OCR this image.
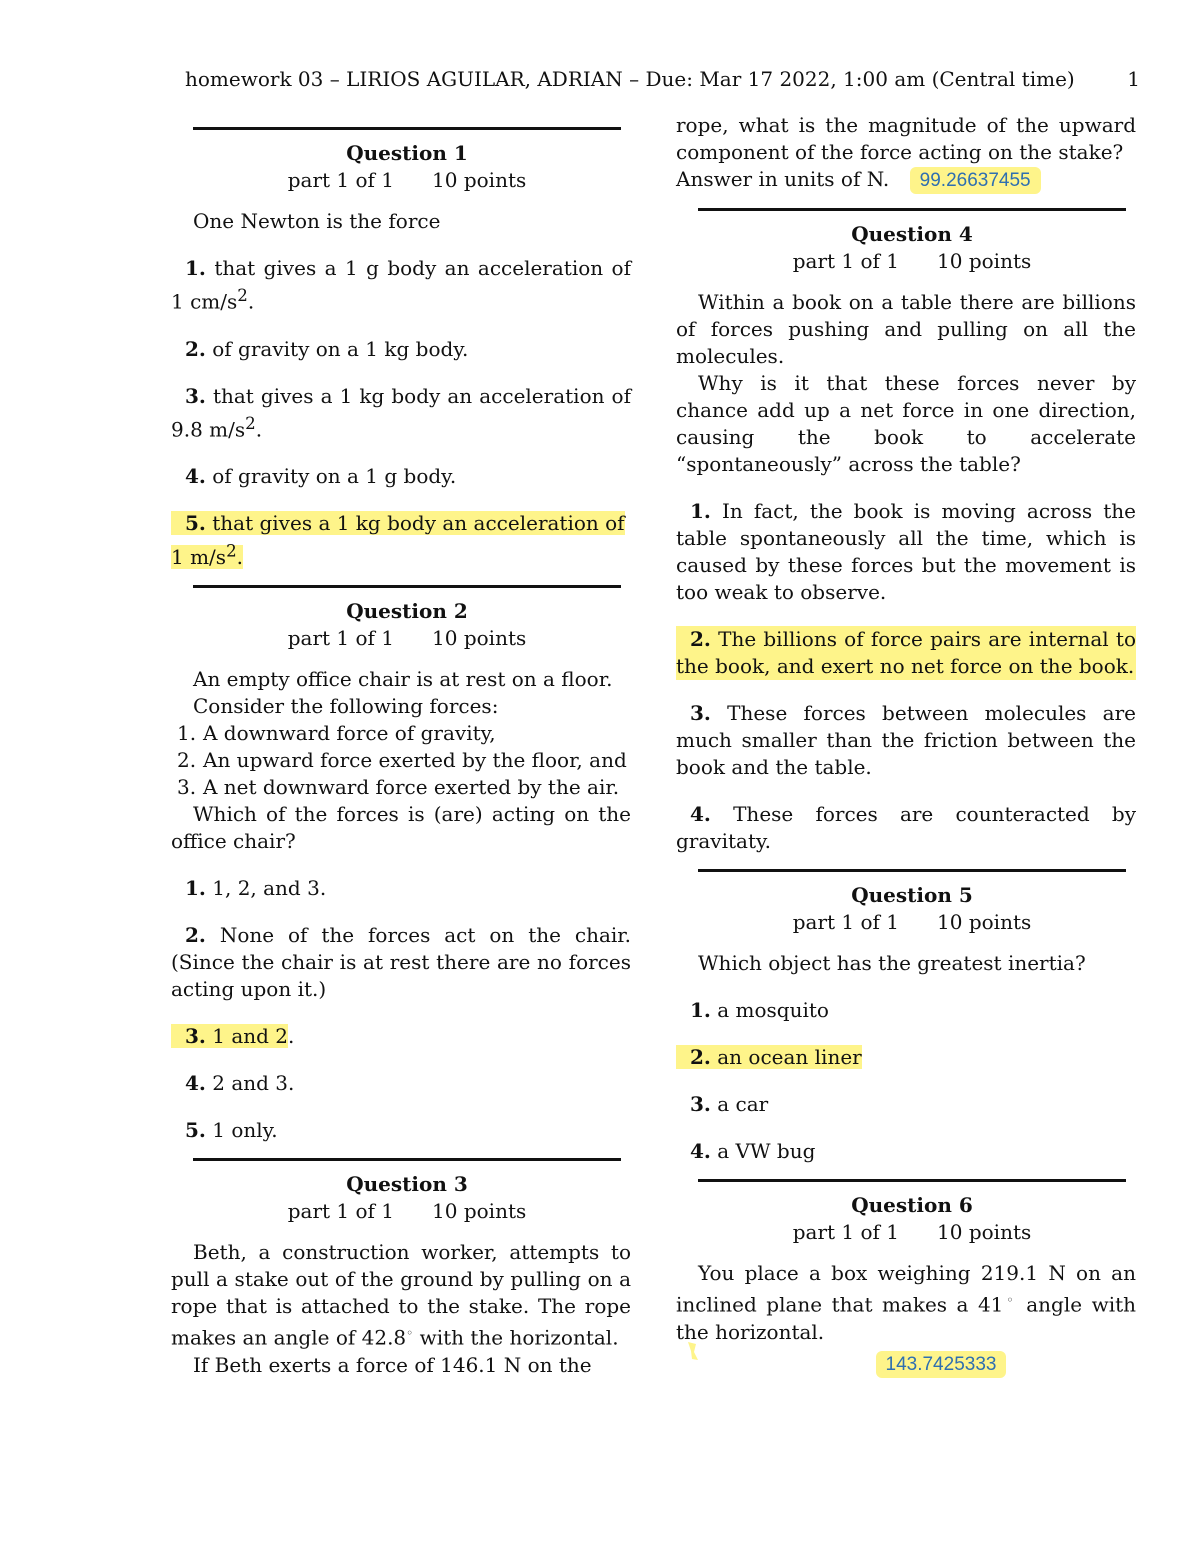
homework 03 – LIRIOS AGUILAR, ADRIAN – Due: Mar 17 2022, 1:00 am (Central time)	1
Question 1
part 1 of 1 10 points
One Newton is the force
1. that gives a 1 g body an acceleration of 1 $cm/s^2$.
2. of gravity on a 1 kg body.
3. that gives a 1 kg body an acceleration of 9.8 $m/s^2$.
4. of gravity on a 1 g body.
5. that gives a 1 kg body an acceleration of
1 $m/s^2$.
Question 2
part 1 of 1 10 points
An empty office chair is at rest on a floor.
Consider the following forces:
1. A downward force of gravity,
2. An upward force exerted by the floor, and
3. A net downward force exerted by the air.
Which of the forces is (are) acting on the office chair?
1. 1, 2, and 3.
2. None of the forces act on the chair. (Since the chair is at rest there are no forces acting upon it.)
3. 1 and 2.
4. 2 and 3.
5. 1 only.
Question 3
part 1 of 1 10 points
Beth, a construction worker, attempts to pull a stake out of the ground by pulling on a rope that is attached to the stake. The rope makes an angle of 42.8◦ with the horizontal.
If Beth exerts a force of 146.1 N on the
rope, what is the magnitude of the upward component of the force acting on the stake?
Answer in units of N. 99.26637455
Question 4
part 1 of 1 10 points
Within a book on a table there are billions of forces pushing and pulling on all the molecules.
Why is it that these forces never by chance add up a net force in one direction, causing the book to accelerate “spontaneously” across the table?
1. In fact, the book is moving across the table spontaneously all the time, which is caused by these forces but the movement is too weak to observe.
2. The billions of force pairs are internal to the book, and exert no net force on the book.
3. These forces between molecules are much smaller than the friction between the book and the table.
4. These forces are counteracted by gravitaty.
Question 5
part 1 of 1 10 points
Which object has the greatest inertia?
1. a mosquito
2. an ocean liner
3. a car
4. a VW bug
Question 6
part 1 of 1 10 points
You place a box weighing 219.1 N on an inclined plane that makes a 41◦ angle with the horizontal.
143.7425333
